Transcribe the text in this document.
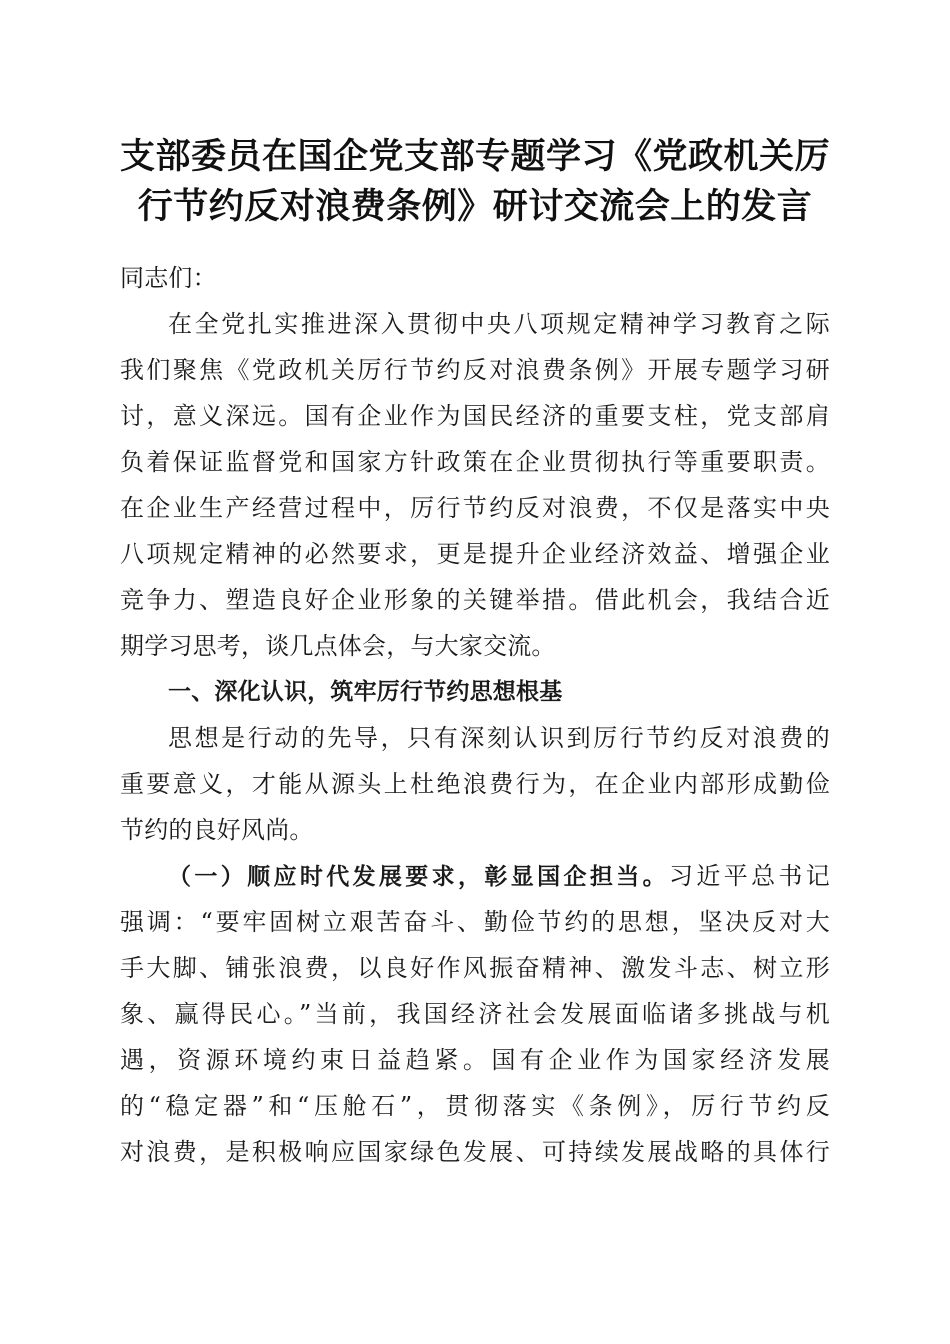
支部委员在国企党支部专题学习《党政机关厉
行节约反对浪费条例》研讨交流会上的发言
同志们：
在全党扎实推进深入贯彻中央八项规定精神学习教育之际
我们聚焦《党政机关厉行节约反对浪费条例》开展专题学习研
讨，意义深远。国有企业作为国民经济的重要支柱，党支部肩
负着保证监督党和国家方针政策在企业贯彻执行等重要职责。
在企业生产经营过程中，厉行节约反对浪费，不仅是落实中央
八项规定精神的必然要求，更是提升企业经济效益、增强企业
竞争力、塑造良好企业形象的关键举措。借此机会，我结合近
期学习思考，谈几点体会，与大家交流。
一、深化认识，筑牢厉行节约思想根基
思想是行动的先导，只有深刻认识到厉行节约反对浪费的
重要意义，才能从源头上杜绝浪费行为，在企业内部形成勤俭
节约的良好风尚。
（一）顺应时代发展要求，彰显国企担当。习近平总书记
强调：“要牢固树立艰苦奋斗、勤俭节约的思想，坚决反对大
手大脚、铺张浪费，以良好作风振奋精神、激发斗志、树立形
象、赢得民心。”当前，我国经济社会发展面临诸多挑战与机
遇，资源环境约束日益趋紧。国有企业作为国家经济发展
的“稳定器”和“压舱石”，贯彻落实《条例》，厉行节约反
对浪费，是积极响应国家绿色发展、可持续发展战略的具体行
